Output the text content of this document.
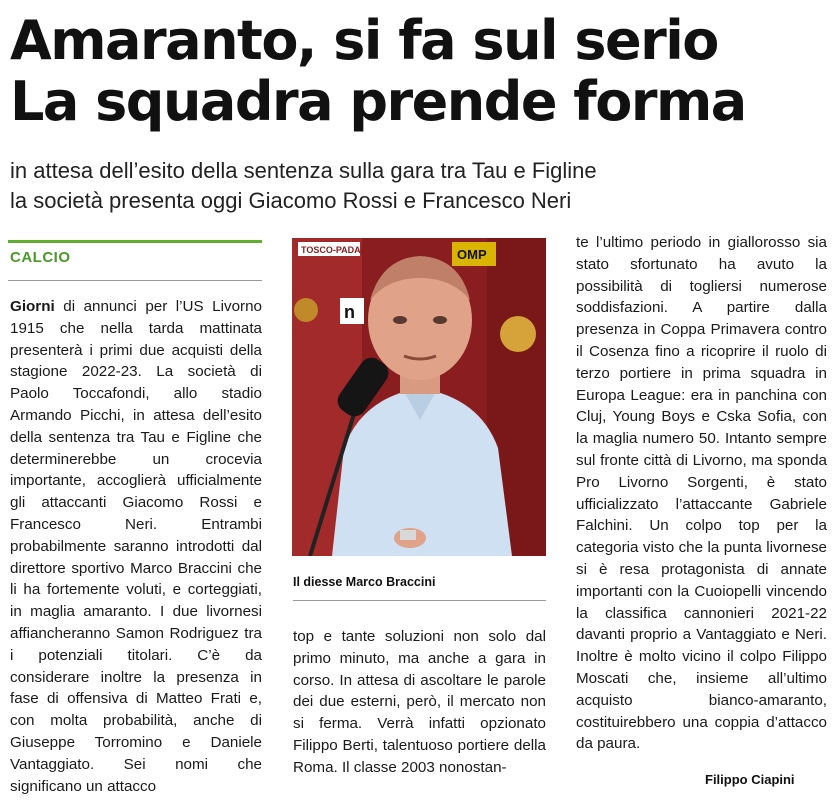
Amaranto, si fa sul serio
La squadra prende forma
in attesa dell’esito della sentenza sulla gara tra Tau e Figline
la società presenta oggi Giacomo Rossi e Francesco Neri
CALCIO
Giorni di annunci per l’US Livorno 1915 che nella tarda mattinata presenterà i primi due acquisti della stagione 2022-23. La società di Paolo Toccafondi, allo stadio Armando Picchi, in attesa dell’esito della sentenza tra Tau e Figline che determinerebbe un crocevia importante, accoglierà ufficialmente gli attaccanti Giacomo Rossi e Francesco Neri. Entrambi probabilmente saranno introdotti dal direttore sportivo Marco Braccini che li ha fortemente voluti, e corteggiati, in maglia amaranto. I due livornesi affiancheranno Samon Rodriguez tra i potenziali titolari. C’è da considerare inoltre la presenza in fase di offensiva di Matteo Frati e, con molta probabilità, anche di Giuseppe Torromino e Daniele Vantaggiato. Sei nomi che significano un attacco
TOSCO-PADANE	OMP
n
Il diesse Marco Braccini
top e tante soluzioni non solo dal primo minuto, ma anche a gara in corso. In attesa di ascoltare le parole dei due esterni, però, il mercato non si ferma. Verrà infatti opzionato Filippo Berti, talentuoso portiere della Roma. Il classe 2003 nonostan-
te l’ultimo periodo in giallorosso sia stato sfortunato ha avuto la possibilità di togliersi numerose soddisfazioni. A partire dalla presenza in Coppa Primavera contro il Cosenza fino a ricoprire il ruolo di terzo portiere in prima squadra in Europa League: era in panchina con Cluj, Young Boys e Cska Sofia, con la maglia numero 50. Intanto sempre sul fronte città di Livorno, ma sponda Pro Livorno Sorgenti, è stato ufficializzato l’attaccante Gabriele Falchini. Un colpo top per la categoria visto che la punta livornese si è resa protagonista di annate importanti con la Cuoiopelli vincendo la classifica cannonieri 2021-22 davanti proprio a Vantaggiato e Neri. Inoltre è molto vicino il colpo Filippo Moscati che, insieme all’ultimo acquisto bianco-amaranto, costituirebbero una coppia d’attacco da paura.
Filippo Ciapini
